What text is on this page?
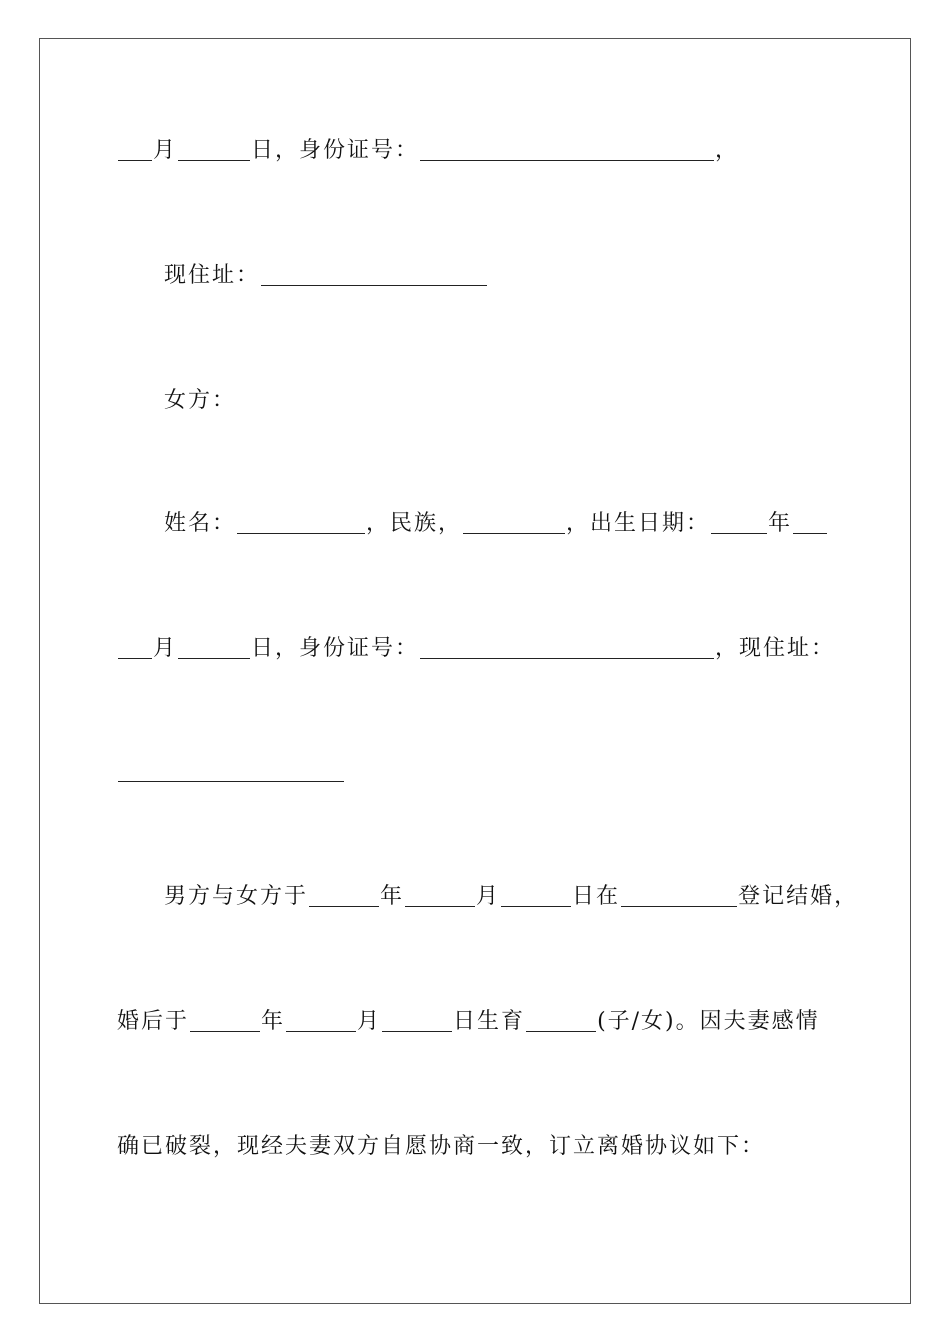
月	日，身份证号：	，
现住址：
女方：
姓名：	，民族，	，出生日期：	年
月	日，身份证号：	，现住址：
男方与女方于	年	月	日在	登记结婚，
婚后于	年	月	日生育	(子/女)。因夫妻感情
确已破裂，现经夫妻双方自愿协商一致，订立离婚协议如下：
